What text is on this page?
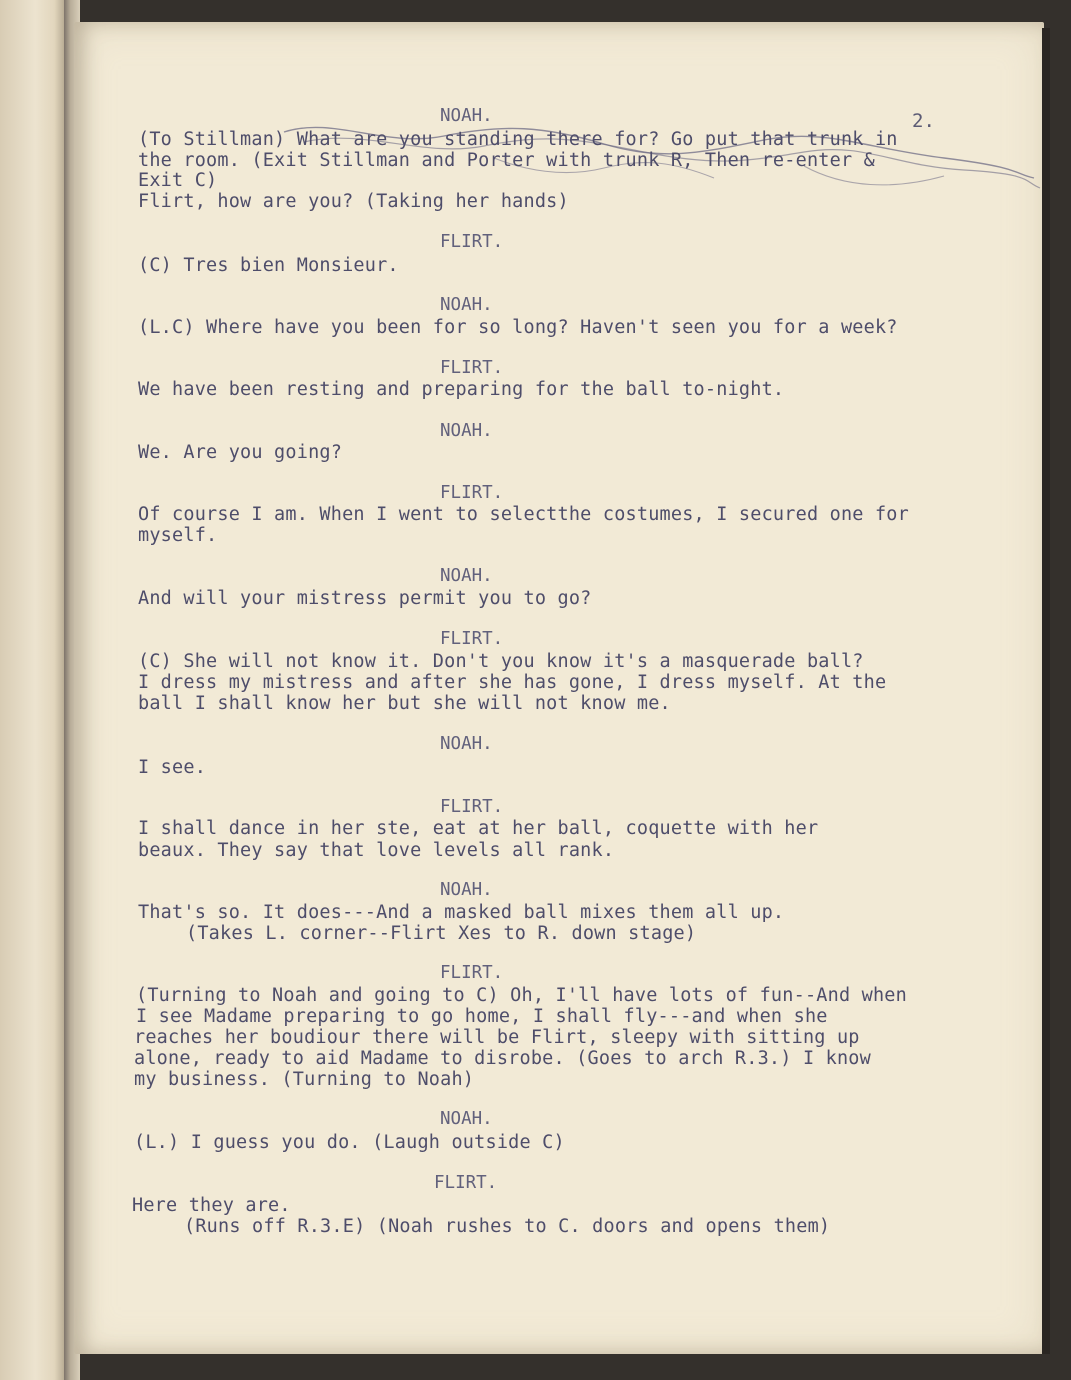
2.
NOAH.
(To Stillman) What are you standing there for? Go put that trunk in
the room. (Exit Stillman and Porter with trunk R, Then re-enter &
Exit C)
Flirt, how are you? (Taking her hands)
FLIRT.
(C) Tres bien Monsieur.
NOAH.
(L.C) Where have you been for so long? Haven't seen you for a week?
FLIRT.
We have been resting and preparing for the ball to-night.
NOAH.
We. Are you going?
FLIRT.
Of course I am. When I went to selectthe costumes, I secured one for
myself.
NOAH.
And will your mistress permit you to go?
FLIRT.
(C) She will not know it. Don't you know it's a masquerade ball?
I dress my mistress and after she has gone, I dress myself. At the
ball I shall know her but she will not know me.
NOAH.
I see.
FLIRT.
I shall dance in her ste, eat at her ball, coquette with her
beaux. They say that love levels all rank.
NOAH.
That's so. It does---And a masked ball mixes them all up.
(Takes L. corner--Flirt Xes to R. down stage)
FLIRT.
(Turning to Noah and going to C) Oh, I'll have lots of fun--And when
I see Madame preparing to go home, I shall fly---and when she
reaches her boudiour there will be Flirt, sleepy with sitting up
alone, ready to aid Madame to disrobe. (Goes to arch R.3.) I know
my business. (Turning to Noah)
NOAH.
(L.) I guess you do. (Laugh outside C)
FLIRT.
Here they are.
(Runs off R.3.E) (Noah rushes to C. doors and opens them)
